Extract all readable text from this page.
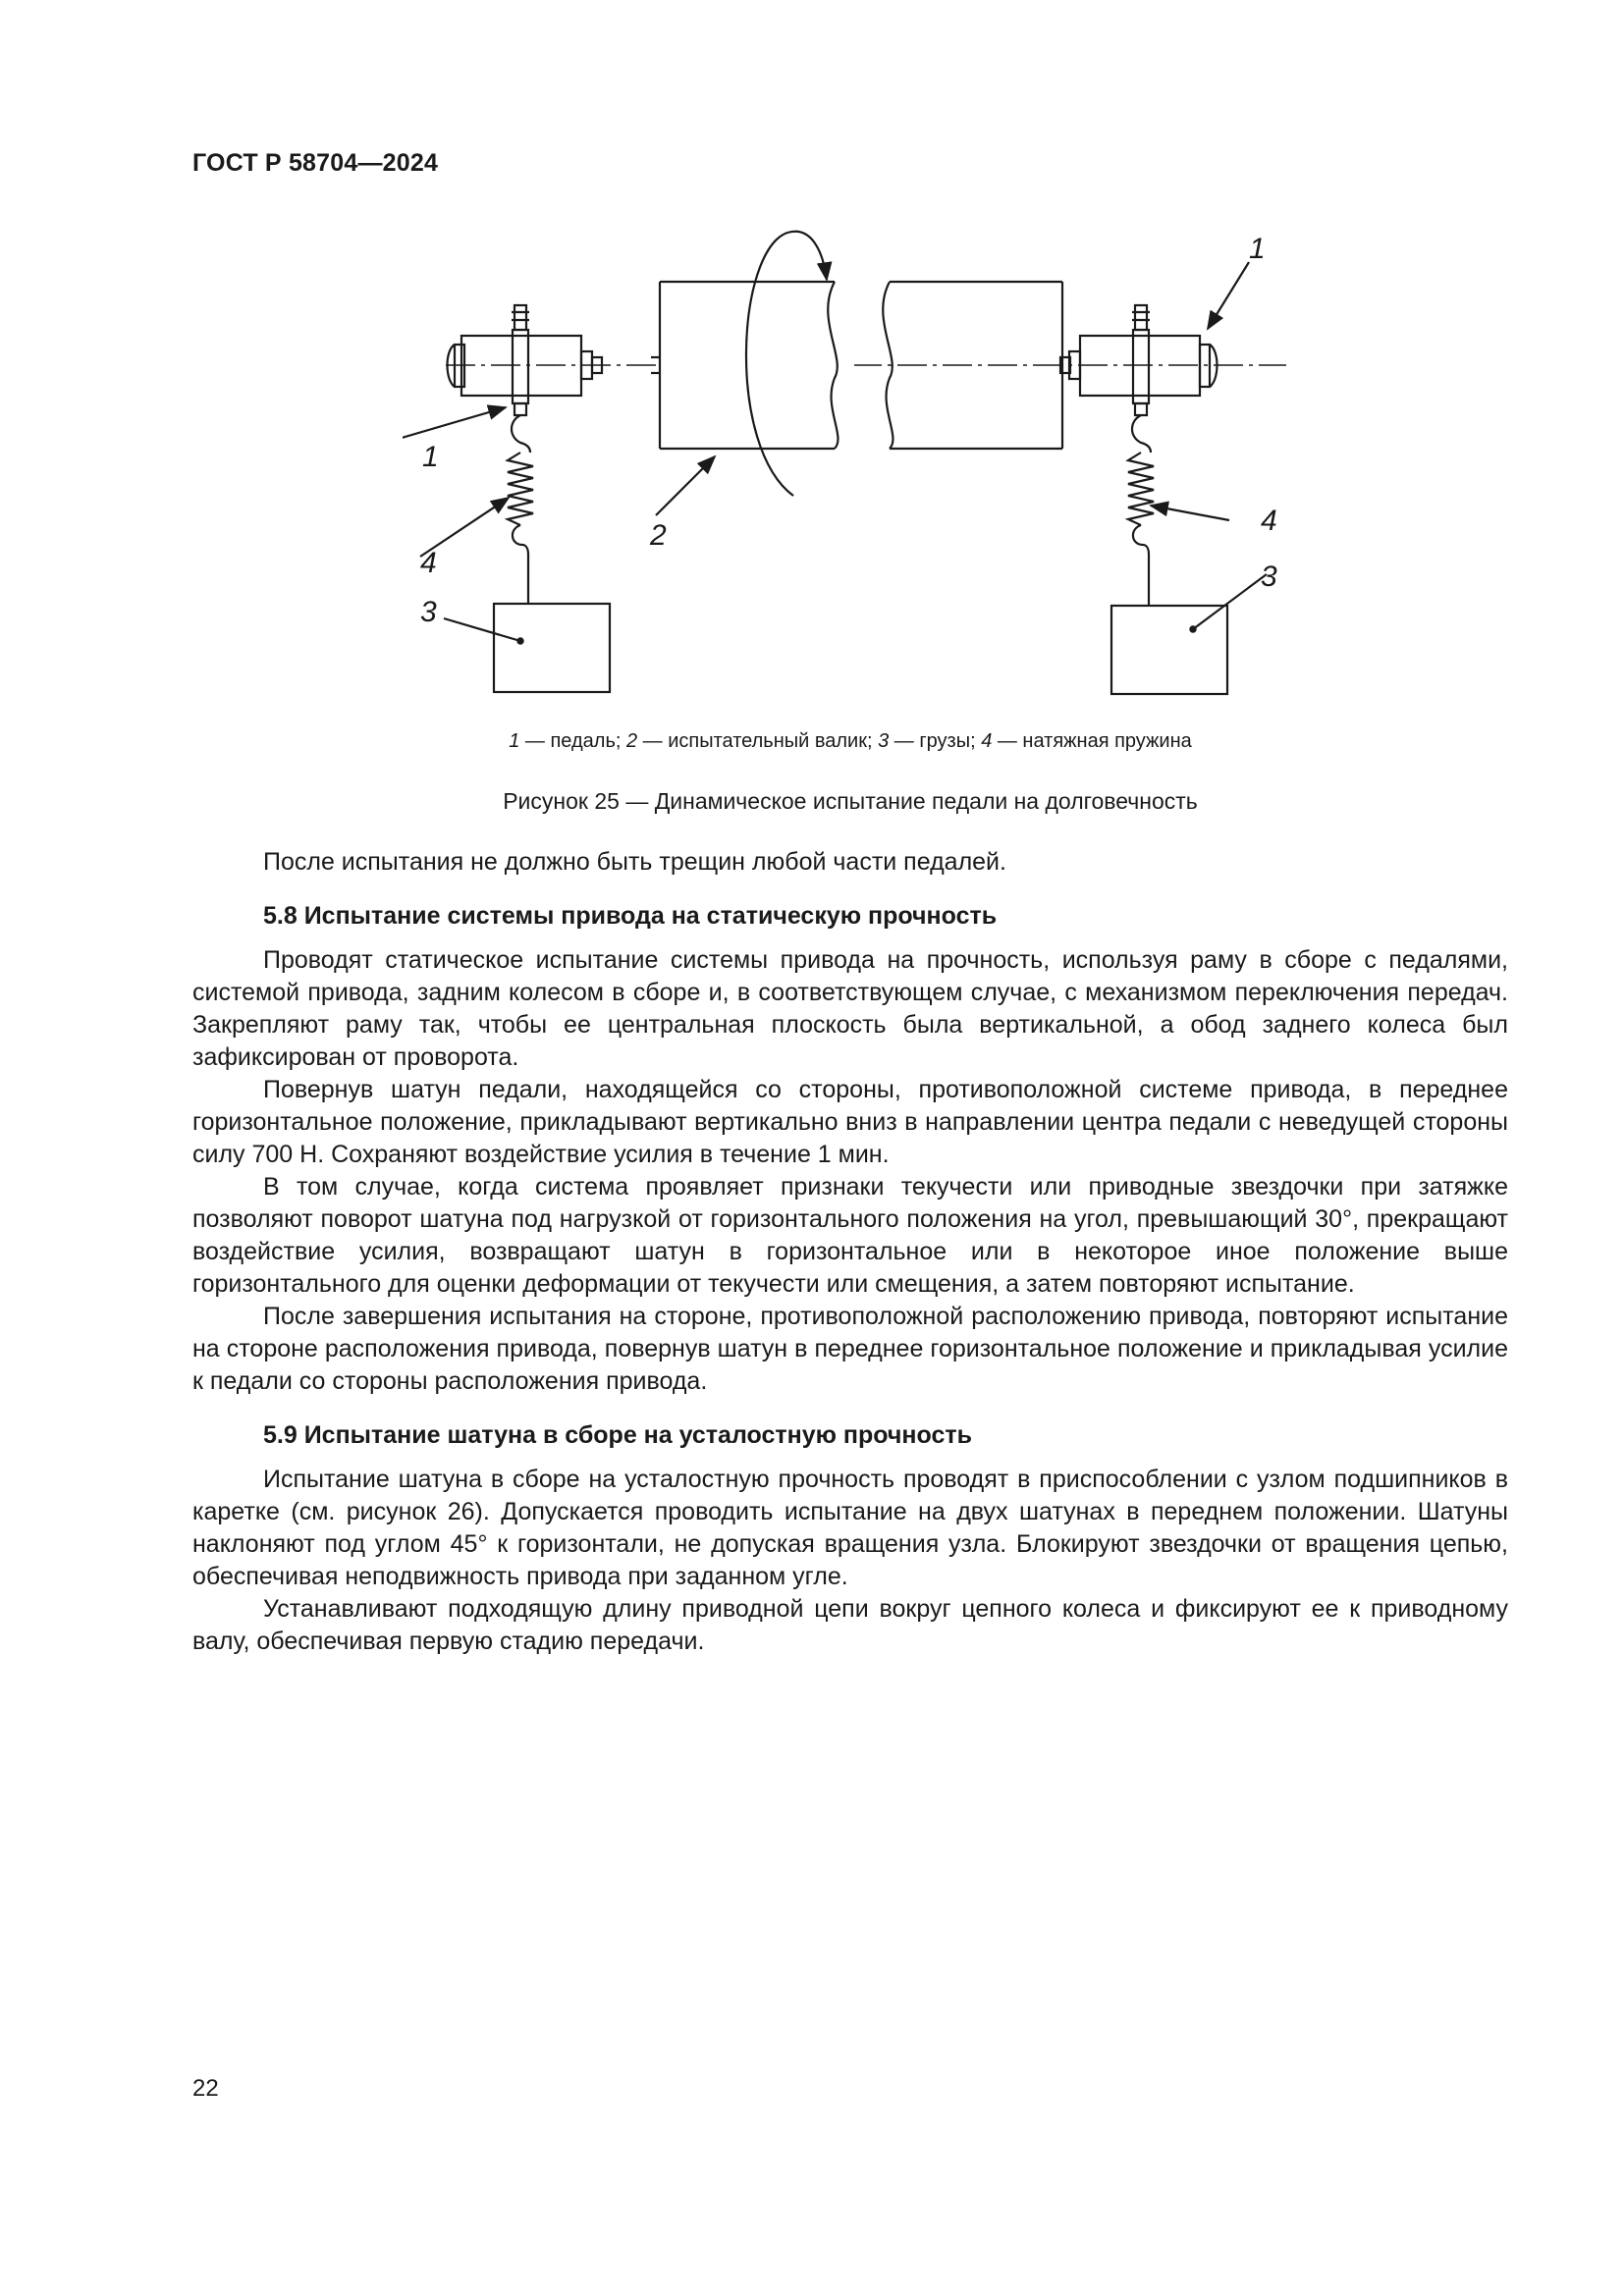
ГОСТ Р 58704—2024
1
4
3
2
1
4
3
1 — педаль; 2 — испытательный валик; 3 — грузы; 4 — натяжная пружина
Рисунок 25 — Динамическое испытание педали на долговечность

После испытания не должно быть трещин любой части педалей.

5.8 Испытание системы привода на статическую прочность

Проводят статическое испытание системы привода на прочность, используя раму в сборе с педалями, системой привода, задним колесом в сборе и, в соответствующем случае, с механизмом переключения передач. Закрепляют раму так, чтобы ее центральная плоскость была вертикальной, а обод заднего колеса был зафиксирован от проворота.

Повернув шатун педали, находящейся со стороны, противоположной системе привода, в переднее горизонтальное положение, прикладывают вертикально вниз в направлении центра педали с неведущей стороны силу 700 Н. Сохраняют воздействие усилия в течение 1 мин.

В том случае, когда система проявляет признаки текучести или приводные звездочки при затяжке позволяют поворот шатуна под нагрузкой от горизонтального положения на угол, превышающий 30°, прекращают воздействие усилия, возвращают шатун в горизонтальное или в некоторое иное положение выше горизонтального для оценки деформации от текучести или смещения, а затем повторяют испытание.

После завершения испытания на стороне, противоположной расположению привода, повторяют испытание на стороне расположения привода, повернув шатун в переднее горизонтальное положение и прикладывая усилие к педали со стороны расположения привода.

5.9 Испытание шатуна в сборе на усталостную прочность

Испытание шатуна в сборе на усталостную прочность проводят в приспособлении с узлом подшипников в каретке (см. рисунок 26). Допускается проводить испытание на двух шатунах в переднем положении. Шатуны наклоняют под углом 45° к горизонтали, не допуская вращения узла. Блокируют звездочки от вращения цепью, обеспечивая неподвижность привода при заданном угле.

Устанавливают подходящую длину приводной цепи вокруг цепного колеса и фиксируют ее к приводному валу, обеспечивая первую стадию передачи.

22
